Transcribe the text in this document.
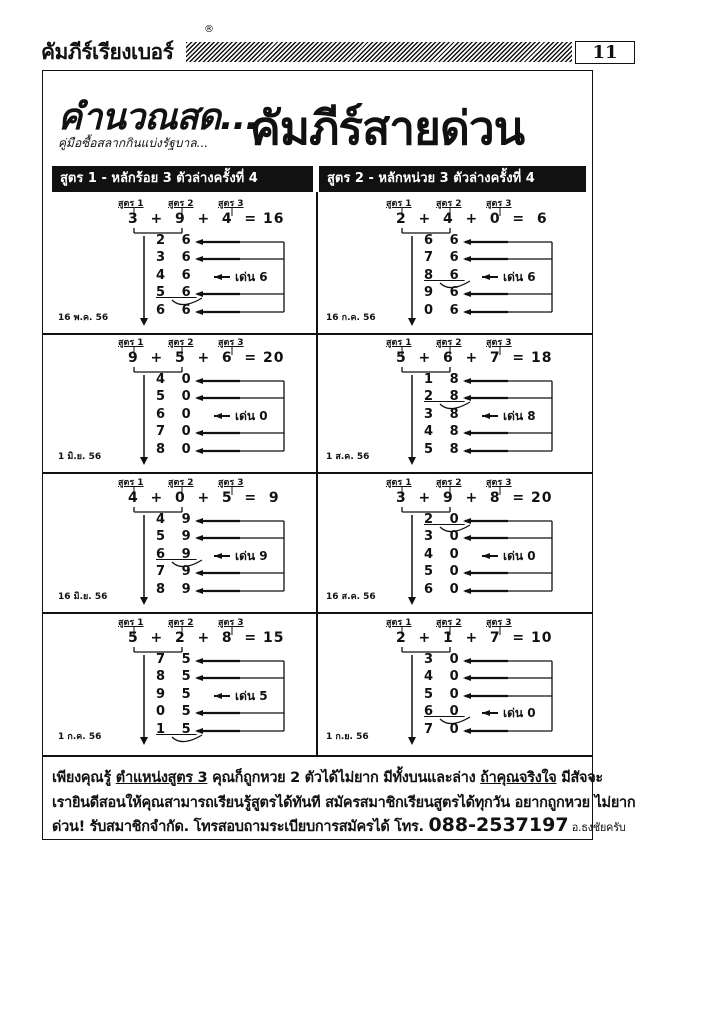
คัมภีร์เรียงเบอร์
®
11
คำนวณสด...
คู่มือซื้อสลากกินแบ่งรัฐบาล... คัมภีร์สายด่วน
สูตร 1 - หลักร้อย 3 ตัวล่างครั้งที่ 4	สูตร 2 - หลักหน่วย 3 ตัวล่างครั้งที่ 4
สูตร 1	สูตร 2	สูตร 3
3  +  9  +  4  = 16
2 6
3 6
4 6
5 6
6 6
เด่น 6
16 พ.ค. 56
สูตร 1	สูตร 2	สูตร 3
2  +  4  +  0  =  6
6 6
7 6
8 6
9 6
0 6
เด่น 6
16 ก.ค. 56
สูตร 1	สูตร 2	สูตร 3
9  +  5  +  6  = 20
4 0
5 0
6 0
7 0
8 0
เด่น 0
1 มิ.ย. 56
สูตร 1	สูตร 2	สูตร 3
5  +  6  +  7  = 18
1 8
2 8
3 8
4 8
5 8
เด่น 8
1 ส.ค. 56
สูตร 1	สูตร 2	สูตร 3
4  +  0  +  5  =  9
4 9
5 9
6 9
7 9
8 9
เด่น 9
16 มิ.ย. 56
สูตร 1	สูตร 2	สูตร 3
3  +  9  +  8  = 20
2 0
3 0
4 0
5 0
6 0
เด่น 0
16 ส.ค. 56
สูตร 1	สูตร 2	สูตร 3
5  +  2  +  8  = 15
7 5
8 5
9 5
0 5
1 5
เด่น 5
1 ก.ค. 56
สูตร 1	สูตร 2	สูตร 3
2  +  1  +  7  = 10
3 0
4 0
5 0
6 0
7 0
เด่น 0
1 ก.ย. 56
เพียงคุณรู้ ตำแหน่งสูตร 3 คุณก็ถูกหวย 2 ตัวได้ไม่ยาก มีทั้งบนและล่าง ถ้าคุณจริงใจ มีสัจจะ
เรายินดีสอนให้คุณสามารถเรียนรู้สูตรได้ทันที สมัครสมาชิกเรียนสูตรได้ทุกวัน อยากถูกหวย ไม่ยาก
ด่วน! รับสมาชิกจำกัด. โทรสอบถามระเบียบการสมัครได้ โทร. 088-2537197 อ.ธงชัยครับ
